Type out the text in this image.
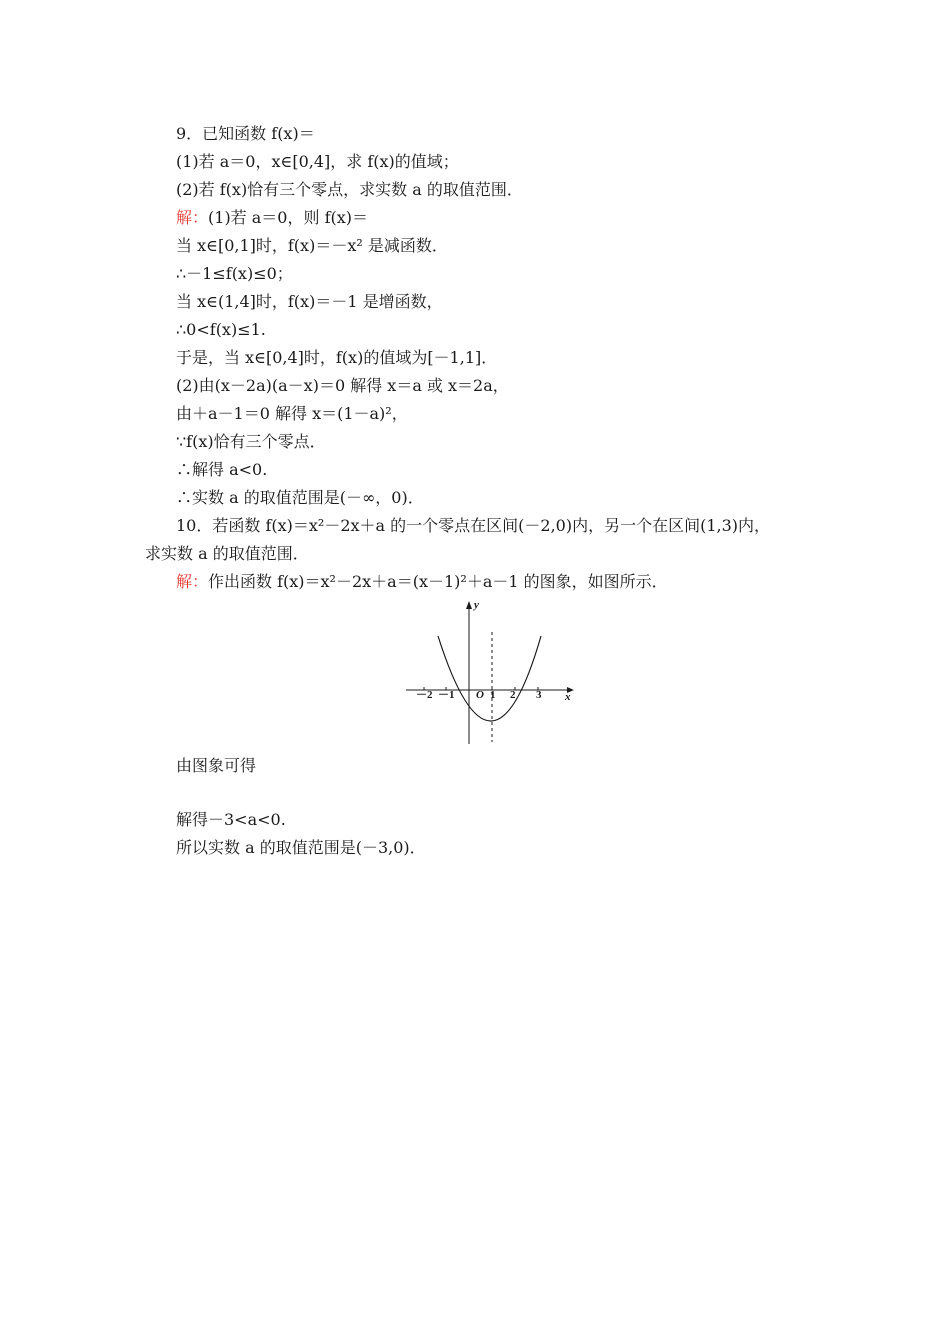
9．已知函数 f(x)＝
(1)若 a＝0，x∈[0,4]，求 f(x)的值域；
(2)若 f(x)恰有三个零点，求实数 a 的取值范围．
解：(1)若 a＝0，则 f(x)＝
当 x∈[0,1]时，f(x)＝－x² 是减函数．
∴－1≤f(x)≤0；
当 x∈(1,4]时，f(x)＝－1 是增函数，
∴0<f(x)≤1.
于是，当 x∈[0,4]时，f(x)的值域为[－1,1]．
(2)由(x－2a)(a－x)＝0 解得 x＝a 或 x＝2a，
由＋a－1＝0 解得 x＝(1－a)²，
∵f(x)恰有三个零点．
∴解得 a<0.
∴实数 a 的取值范围是(－∞，0)．
10．若函数 f(x)＝x²－2x＋a 的一个零点在区间(－2,0)内，另一个在区间(1,3)内，
求实数 a 的取值范围．
解：作出函数 f(x)＝x²－2x＋a＝(x－1)²＋a－1 的图象，如图所示．
y
x
O
－2 －1	1 2 3
由图象可得
解得－3<a<0.
所以实数 a 的取值范围是(－3,0)．
